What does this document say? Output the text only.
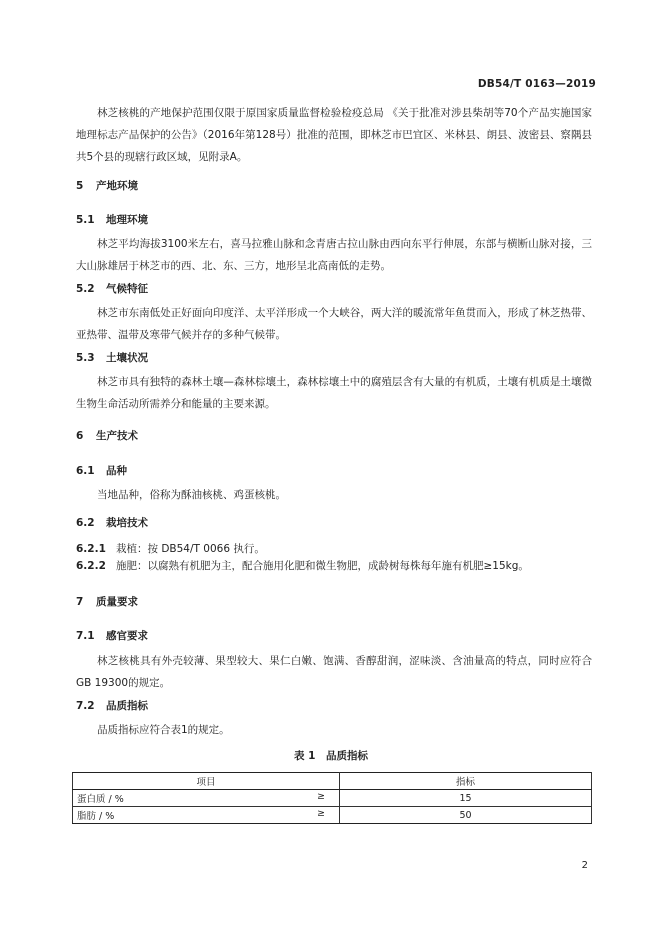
DB54/T 0163—2019

林芝核桃的产地保护范围仅限于原国家质量监督检验检疫总局 《关于批准对涉县柴胡等70个产品实施国家地理标志产品保护的公告》（2016年第128号）批准的范围，即林芝市巴宜区、米林县、朗县、波密县、察隅县共5个县的现辖行政区域，见附录A。

5 产地环境
5.1 地理环境

林芝平均海拔3100米左右，喜马拉雅山脉和念青唐古拉山脉由西向东平行伸展，东部与横断山脉对接，三大山脉雄居于林芝市的西、北、东、三方，地形呈北高南低的走势。

5.2 气候特征

林芝市东南低处正好面向印度洋、太平洋形成一个大峡谷，两大洋的暖流常年鱼贯而入，形成了林芝热带、亚热带、温带及寒带气候并存的多种气候带。

5.3 土壤状况

林芝市具有独特的森林土壤—森林棕壤土，森林棕壤土中的腐殖层含有大量的有机质，土壤有机质是土壤微生物生命活动所需养分和能量的主要来源。

6 生产技术
6.1 品种

当地品种，俗称为酥油核桃、鸡蛋核桃。

6.2 栽培技术
6.2.1 栽植：按 DB54/T 0066 执行。
6.2.2 施肥：以腐熟有机肥为主，配合施用化肥和微生物肥，成龄树每株每年施有机肥≥15kg。
7 质量要求
7.1 感官要求

林芝核桃具有外壳较薄、果型较大、果仁白嫩、饱满、香醇甜润，涩味淡、含油量高的特点，同时应符合GB 19300的规定。

7.2 品质指标

品质指标应符合表1的规定。

表 1　品质指标
项目	指标
蛋白质 / % ≥	15
脂肪 / % ≥	50
2
